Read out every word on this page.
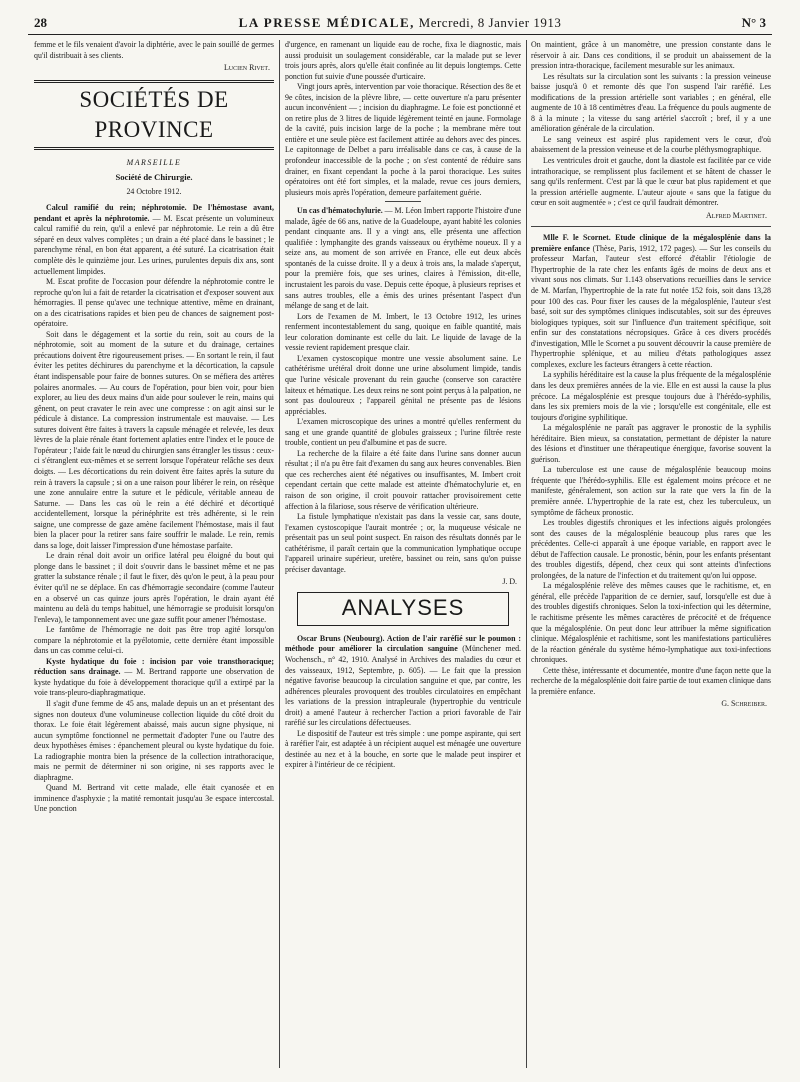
28	LA PRESSE MÉDICALE, Mercredi, 8 Janvier 1913	N° 3

femme et le fils venaient d'avoir la diphtérie, avec le pain souillé de germes qu'il distribuait à ses clients.

Lucien Rivet.
SOCIÉTÉS DE PROVINCE
MARSEILLE
Société de Chirurgie.
24 Octobre 1912.

Calcul ramifié du rein; néphrotomie. De l'hémostase avant, pendant et après la néphrotomie. — M. Escat présente un volumineux calcul ramifié du rein, qu'il a enlevé par néphrotomie. Le rein a dû être séparé en deux valves complètes ; un drain a été placé dans le bassinet ; le parenchyme rénal, en bon état apparent, a été suturé. La cicatrisation était complète dès le quinzième jour. Les urines, purulentes depuis dix ans, sont actuellement limpides.

M. Escat profite de l'occasion pour défendre la néphrotomie contre le reproche qu'on lui a fait de retarder la cicatrisation et d'exposer souvent aux hémorragies. Il pense qu'avec une technique attentive, même en drainant, on a des cicatrisations rapides et bien peu de chances de saignement post-opératoire.

Soit dans le dégagement et la sortie du rein, soit au cours de la néphrotomie, soit au moment de la suture et du drainage, certaines précautions doivent être rigoureusement prises. — En sortant le rein, il faut éviter les petites déchirures du parenchyme et la décortication, la capsule étant indispensable pour faire de bonnes sutures. On se méfiera des artères polaires anormales. — Au cours de l'opération, pour bien voir, pour bien explorer, au lieu des deux mains d'un aide pour soulever le rein, mains qui gênent, on peut cravater le rein avec une compresse : on agit ainsi sur le pédicule à distance. La compression instrumentale est mauvaise. — Les sutures doivent être faites à travers la capsule ménagée et relevée, les deux lèvres de la plaie rénale étant fortement aplaties entre l'index et le pouce de l'opérateur ; l'aide fait le nœud du chirurgien sans étrangler les tissus : ceux-ci s'étranglent eux-mêmes et se serrent lorsque l'opérateur relâche ses deux doigts. — Les décortications du rein doivent être faites après la suture du rein à travers la capsule ; si on a une raison pour libérer le rein, on résèque une zone annulaire entre la suture et le pédicule, véritable anneau de Saturne. — Dans les cas où le rein a été déchiré et décortiqué accidentellement, lorsque la périnéphrite est très adhérente, si le rein saigne, une compresse de gaze amène facilement l'hémostase, mais il faut bien la placer pour la retirer sans faire souffrir le malade. Le rein, remis dans sa loge, doit laisser l'impression d'une hémostase parfaite.

Le drain rénal doit avoir un orifice latéral peu éloigné du bout qui plonge dans le bassinet ; il doit s'ouvrir dans le bassinet même et ne pas gratter la substance rénale ; il faut le fixer, dès qu'on le peut, à la peau pour éviter qu'il ne se déplace. En cas d'hémorragie secondaire (comme l'auteur en a observé un cas quinze jours après l'opération, le drain ayant été maintenu au delà du temps habituel, une hémorragie se produisit lorsqu'on l'enleva), le tamponnement avec une gaze suffit pour amener l'hémostase.

Le fantôme de l'hémorragie ne doit pas être trop agité lorsqu'on compare la néphrotomie et la pyélotomie, cette dernière étant impossible dans un cas comme celui-ci.

Kyste hydatique du foie : incision par voie transthoracique; réduction sans drainage. — M. Bertrand rapporte une observation de kyste hydatique du foie à développement thoracique qu'il a extirpé par la voie trans-pleuro-diaphragmatique.

Il s'agit d'une femme de 45 ans, malade depuis un an et présentant des signes non douteux d'une volumineuse collection liquide du côté droit du thorax. Le foie était légèrement abaissé, mais aucun signe physique, ni aucun symptôme fonctionnel ne permettait d'adopter l'une ou l'autre des deux hypothèses émises : épanchement pleural ou kyste hydatique du foie. La radiographie montra bien la présence de la collection intrathoracique, mais ne permit de déterminer ni son origine, ni ses rapports avec le diaphragme.

Quand M. Bertrand vit cette malade, elle était cyanosée et en imminence d'asphyxie ; la matité remontait jusqu'au 3e espace intercostal. Une ponction

d'urgence, en ramenant un liquide eau de roche, fixa le diagnostic, mais aussi produisit un soulagement considérable, car la malade put se lever trois jours après, alors qu'elle était confinée au lit depuis longtemps. Cette ponction fut suivie d'une poussée d'urticaire.

Vingt jours après, intervention par voie thoracique. Résection des 8e et 9e côtes, incision de la plèvre libre, — cette ouverture n'a paru présenter aucun inconvénient — ; incision du diaphragme. Le foie est ponctionné et on retire plus de 3 litres de liquide légèrement teinté en jaune. Formolage de la cavité, puis incision large de la poche ; la membrane mère tout entière et une seule pièce est facilement attirée au dehors avec des pinces. Le capitonnage de Delbet a paru irréalisable dans ce cas, à cause de la profondeur inaccessible de la poche ; on s'est contenté de réduire sans drainer, en fixant cependant la poche à la paroi thoracique. Les suites opératoires ont été fort simples, et la malade, revue ces jours derniers, plusieurs mois après l'opération, demeure parfaitement guérie.

Un cas d'hématochylurie. — M. Léon Imbert rapporte l'histoire d'une malade, âgée de 66 ans, native de la Guadeloupe, ayant habité les colonies pendant cinquante ans. Il y a vingt ans, elle présenta une affection qualifiée : lymphangite des grands vaisseaux ou érythème noueux. Il y a seize ans, au moment de son arrivée en France, elle eut deux abcès spontanés de la cuisse droite. Il y a deux à trois ans, la malade s'aperçut, pour la première fois, que ses urines, claires à l'émission, dit-elle, incrustaient les parois du vase. Depuis cette époque, à plusieurs reprises et sans autres troubles, elle a émis des urines présentant l'aspect d'un mélange de sang et de lait.

Lors de l'examen de M. Imbert, le 13 Octobre 1912, les urines renferment incontestablement du sang, quoique en faible quantité, mais leur coloration dominante est celle du lait. Le liquide de lavage de la vessie revient rapidement presque clair.

L'examen cystoscopique montre une vessie absolument saine. Le cathétérisme urétéral droit donne une urine absolument limpide, tandis que l'urine vésicale provenant du rein gauche (conserve son caractère laiteux et hématique. Les deux reins ne sont point perçus à la palpation, ne sont pas douloureux ; l'appareil génital ne présente pas de lésions appréciables.

L'examen microscopique des urines a montré qu'elles renferment du sang et une grande quantité de globules graisseux ; l'urine filtrée reste trouble, contient un peu d'albumine et pas de sucre.

La recherche de la filaire a été faite dans l'urine sans donner aucun résultat ; il n'a pu être fait d'examen du sang aux heures convenables. Bien que ces recherches aient été négatives ou insuffisantes, M. Imbert croit cependant certain que cette malade est atteinte d'hématochylurie et, en raison de son origine, il croit pouvoir rattacher provisoirement cette affection à la filariose, sous réserve de vérification ultérieure.

La fistule lymphatique n'existait pas dans la vessie car, sans doute, l'examen cystoscopique l'aurait montrée ; or, la muqueuse vésicale ne présentait pas un seul point suspect. En raison des résultats donnés par le cathétérisme, il paraît certain que la communication lymphatique occupe l'appareil urinaire supérieur, uretère, bassinet ou rein, sans qu'on puisse préciser davantage.

J. D.
ANALYSES

Oscar Bruns (Neubourg). Action de l'air raréfié sur le poumon : méthode pour améliorer la circulation sanguine (Münchener med. Wochensch., n° 42, 1910. Analysé in Archives des maladies du cœur et des vaisseaux, 1912, Septembre, p. 605). — Le fait que la pression négative favorise beaucoup la circulation sanguine et que, par contre, les adhérences pleurales provoquent des troubles circulatoires en empêchant les variations de la pression intrapleurale (hypertrophie du ventricule droit) a amené l'auteur à rechercher l'action a priori favorable de l'air raréfié sur les circulations défectueuses.

Le dispositif de l'auteur est très simple : une pompe aspirante, qui sert à raréfier l'air, est adaptée à un récipient auquel est ménagée une ouverture destinée au nez et à la bouche, en sorte que le malade peut inspirer et expirer à l'intérieur de ce récipient.

On maintient, grâce à un manomètre, une pression constante dans le réservoir à air. Dans ces conditions, il se produit un abaissement de la pression intra-thoracique, facilement mesurable sur les animaux.

Les résultats sur la circulation sont les suivants : la pression veineuse baisse jusqu'à 0 et remonte dès que l'on suspend l'air raréfié. Les modifications de la pression artérielle sont variables ; en général, elle augmente de 10 à 18 centimètres d'eau. La fréquence du pouls augmente de 8 à la minute ; la vitesse du sang artériel s'accroît ; bref, il y a une amélioration générale de la circulation.

Le sang veineux est aspiré plus rapidement vers le cœur, d'où abaissement de la pression veineuse et de la courbe pléthysmographique.

Les ventricules droit et gauche, dont la diastole est facilitée par ce vide intrathoracique, se remplissent plus facilement et se hâtent de chasser le sang qu'ils renferment. C'est par là que le cœur bat plus rapidement et que la pression artérielle augmente. L'auteur ajoute « sans que la fatigue du cœur en soit augmentée » ; c'est ce qu'il faudrait démontrer.

Alfred Martinet.

Mlle F. le Scornet. Etude clinique de la mégalosplénie dans la première enfance (Thèse, Paris, 1912, 172 pages). — Sur les conseils du professeur Marfan, l'auteur s'est efforcé d'établir l'étiologie de l'hypertrophie de la rate chez les enfants âgés de moins de deux ans et vivant sous nos climats. Sur 1.143 observations recueillies dans le service de M. Marfan, l'hypertrophie de la rate fut notée 152 fois, soit dans 13,28 pour 100 des cas. Pour fixer les causes de la mégalosplénie, l'auteur s'est basé, soit sur des symptômes cliniques indiscutables, soit sur des épreuves biologiques typiques, soit sur l'influence d'un traitement spécifique, soit enfin sur des constatations nécropsiques. Grâce à ces divers procédés d'investigation, Mlle le Scornet a pu souvent découvrir la cause première de l'hypertrophie splénique, et au milieu d'états pathologiques assez complexes, exclure les facteurs étrangers à cette réaction.

La syphilis héréditaire est la cause la plus fréquente de la mégalosplénie dans les deux premières années de la vie. Elle en est aussi la cause la plus précoce. La mégalosplénie est presque toujours due à l'hérédo-syphilis, dans les six premiers mois de la vie ; lorsqu'elle est congénitale, elle est toujours d'origine syphilitique.

La mégalosplénie ne paraît pas aggraver le pronostic de la syphilis héréditaire. Bien mieux, sa constatation, permettant de dépister la nature des lésions et d'instituer une thérapeutique énergique, favorise souvent la guérison.

La tuberculose est une cause de mégalosplénie beaucoup moins fréquente que l'hérédo-syphilis. Elle est également moins précoce et ne manifeste, généralement, son action sur la rate que vers la fin de la première année. L'hypertrophie de la rate est, chez les tuberculeux, un symptôme de fâcheux pronostic.

Les troubles digestifs chroniques et les infections aiguës prolongées sont des causes de la mégalosplénie beaucoup plus rares que les précédentes. Celle-ci apparaît à une époque variable, en rapport avec le début de l'affection causale. Le pronostic, bénin, pour les enfants présentant des troubles digestifs, dépend, chez ceux qui sont atteints d'infections prolongées, de la nature de l'infection et du traitement qu'on lui oppose.

La mégalosplénie relève des mêmes causes que le rachitisme, et, en général, elle précède l'apparition de ce dernier, sauf, lorsqu'elle est due à des troubles digestifs chroniques. Selon la toxi-infection qui les détermine, le rachitisme présente les mêmes caractères de précocité et de fréquence que la mégalosplénie. On peut donc leur attribuer la même signification clinique. Mégalosplénie et rachitisme, sont les manifestations particulières de la réaction générale du système hémo-lymphatique aux toxi-infections chroniques.

Cette thèse, intéressante et documentée, montre d'une façon nette que la recherche de la mégalosplénie doit faire partie de tout examen clinique dans la première enfance.

G. Schreiber.
